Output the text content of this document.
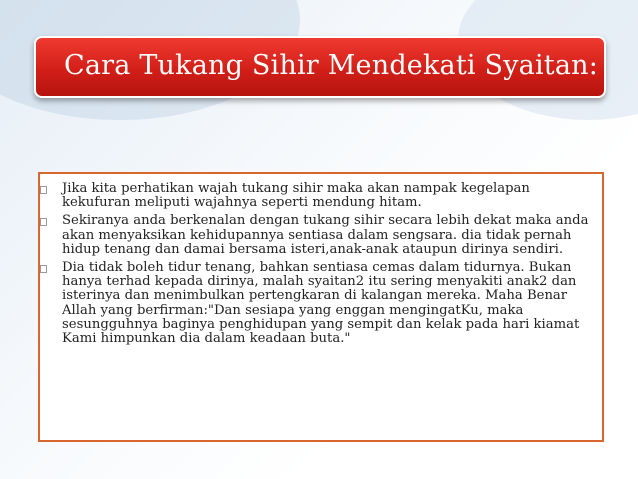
Cara Tukang Sihir Mendekati Syaitan:
Jika kita perhatikan wajah tukang sihir maka akan nampak kegelapan kekufuran meliputi wajahnya seperti mendung hitam.
Sekiranya anda berkenalan dengan tukang sihir secara lebih dekat maka anda akan menyaksikan kehidupannya sentiasa dalam sengsara. dia tidak pernah hidup tenang dan damai bersama isteri,anak-anak ataupun dirinya sendiri.
Dia tidak boleh tidur tenang, bahkan sentiasa cemas dalam tidurnya. Bukan hanya terhad kepada dirinya, malah syaitan2 itu sering menyakiti anak2 dan isterinya dan menimbulkan pertengkaran di kalangan mereka. Maha Benar Allah yang berfirman:"Dan sesiapa yang enggan mengingatKu, maka sesungguhnya baginya penghidupan yang sempit dan kelak pada hari kiamat Kami himpunkan dia dalam keadaan buta."
